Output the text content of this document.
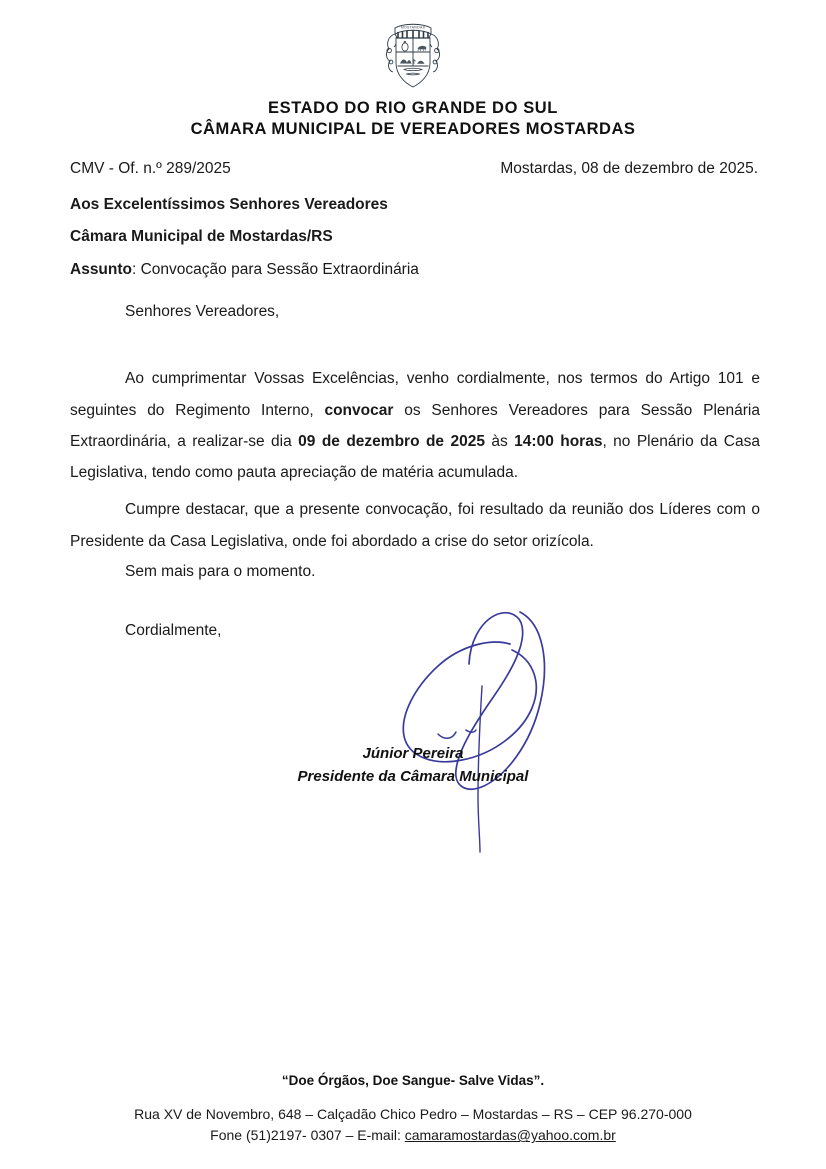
MOSTARDAS
ESTADO DO RIO GRANDE DO SUL
CÂMARA MUNICIPAL DE VEREADORES MOSTARDAS
CMV - Of. n.º 289/2025	Mostardas, 08 de dezembro de 2025.
Aos Excelentíssimos Senhores Vereadores
Câmara Municipal de Mostardas/RS
Assunto: Convocação para Sessão Extraordinária
Senhores Vereadores,

Ao cumprimentar Vossas Excelências, venho cordialmente, nos termos do Artigo 101 e seguintes do Regimento Interno, convocar os Senhores Vereadores para Sessão Plenária Extraordinária, a realizar-se dia 09 de dezembro de 2025 às 14:00 horas, no Plenário da Casa Legislativa, tendo como pauta apreciação de matéria acumulada.

Cumpre destacar, que a presente convocação, foi resultado da reunião dos Líderes com o Presidente da Casa Legislativa, onde foi abordado a crise do setor orizícola.

Sem mais para o momento.
Cordialmente,
Júnior Pereira
Presidente da Câmara Municipal
“Doe Órgãos, Doe Sangue- Salve Vidas”.
Rua XV de Novembro, 648 – Calçadão Chico Pedro – Mostardas – RS – CEP 96.270-000
Fone (51)2197- 0307 – E-mail: camaramostardas@yahoo.com.br
